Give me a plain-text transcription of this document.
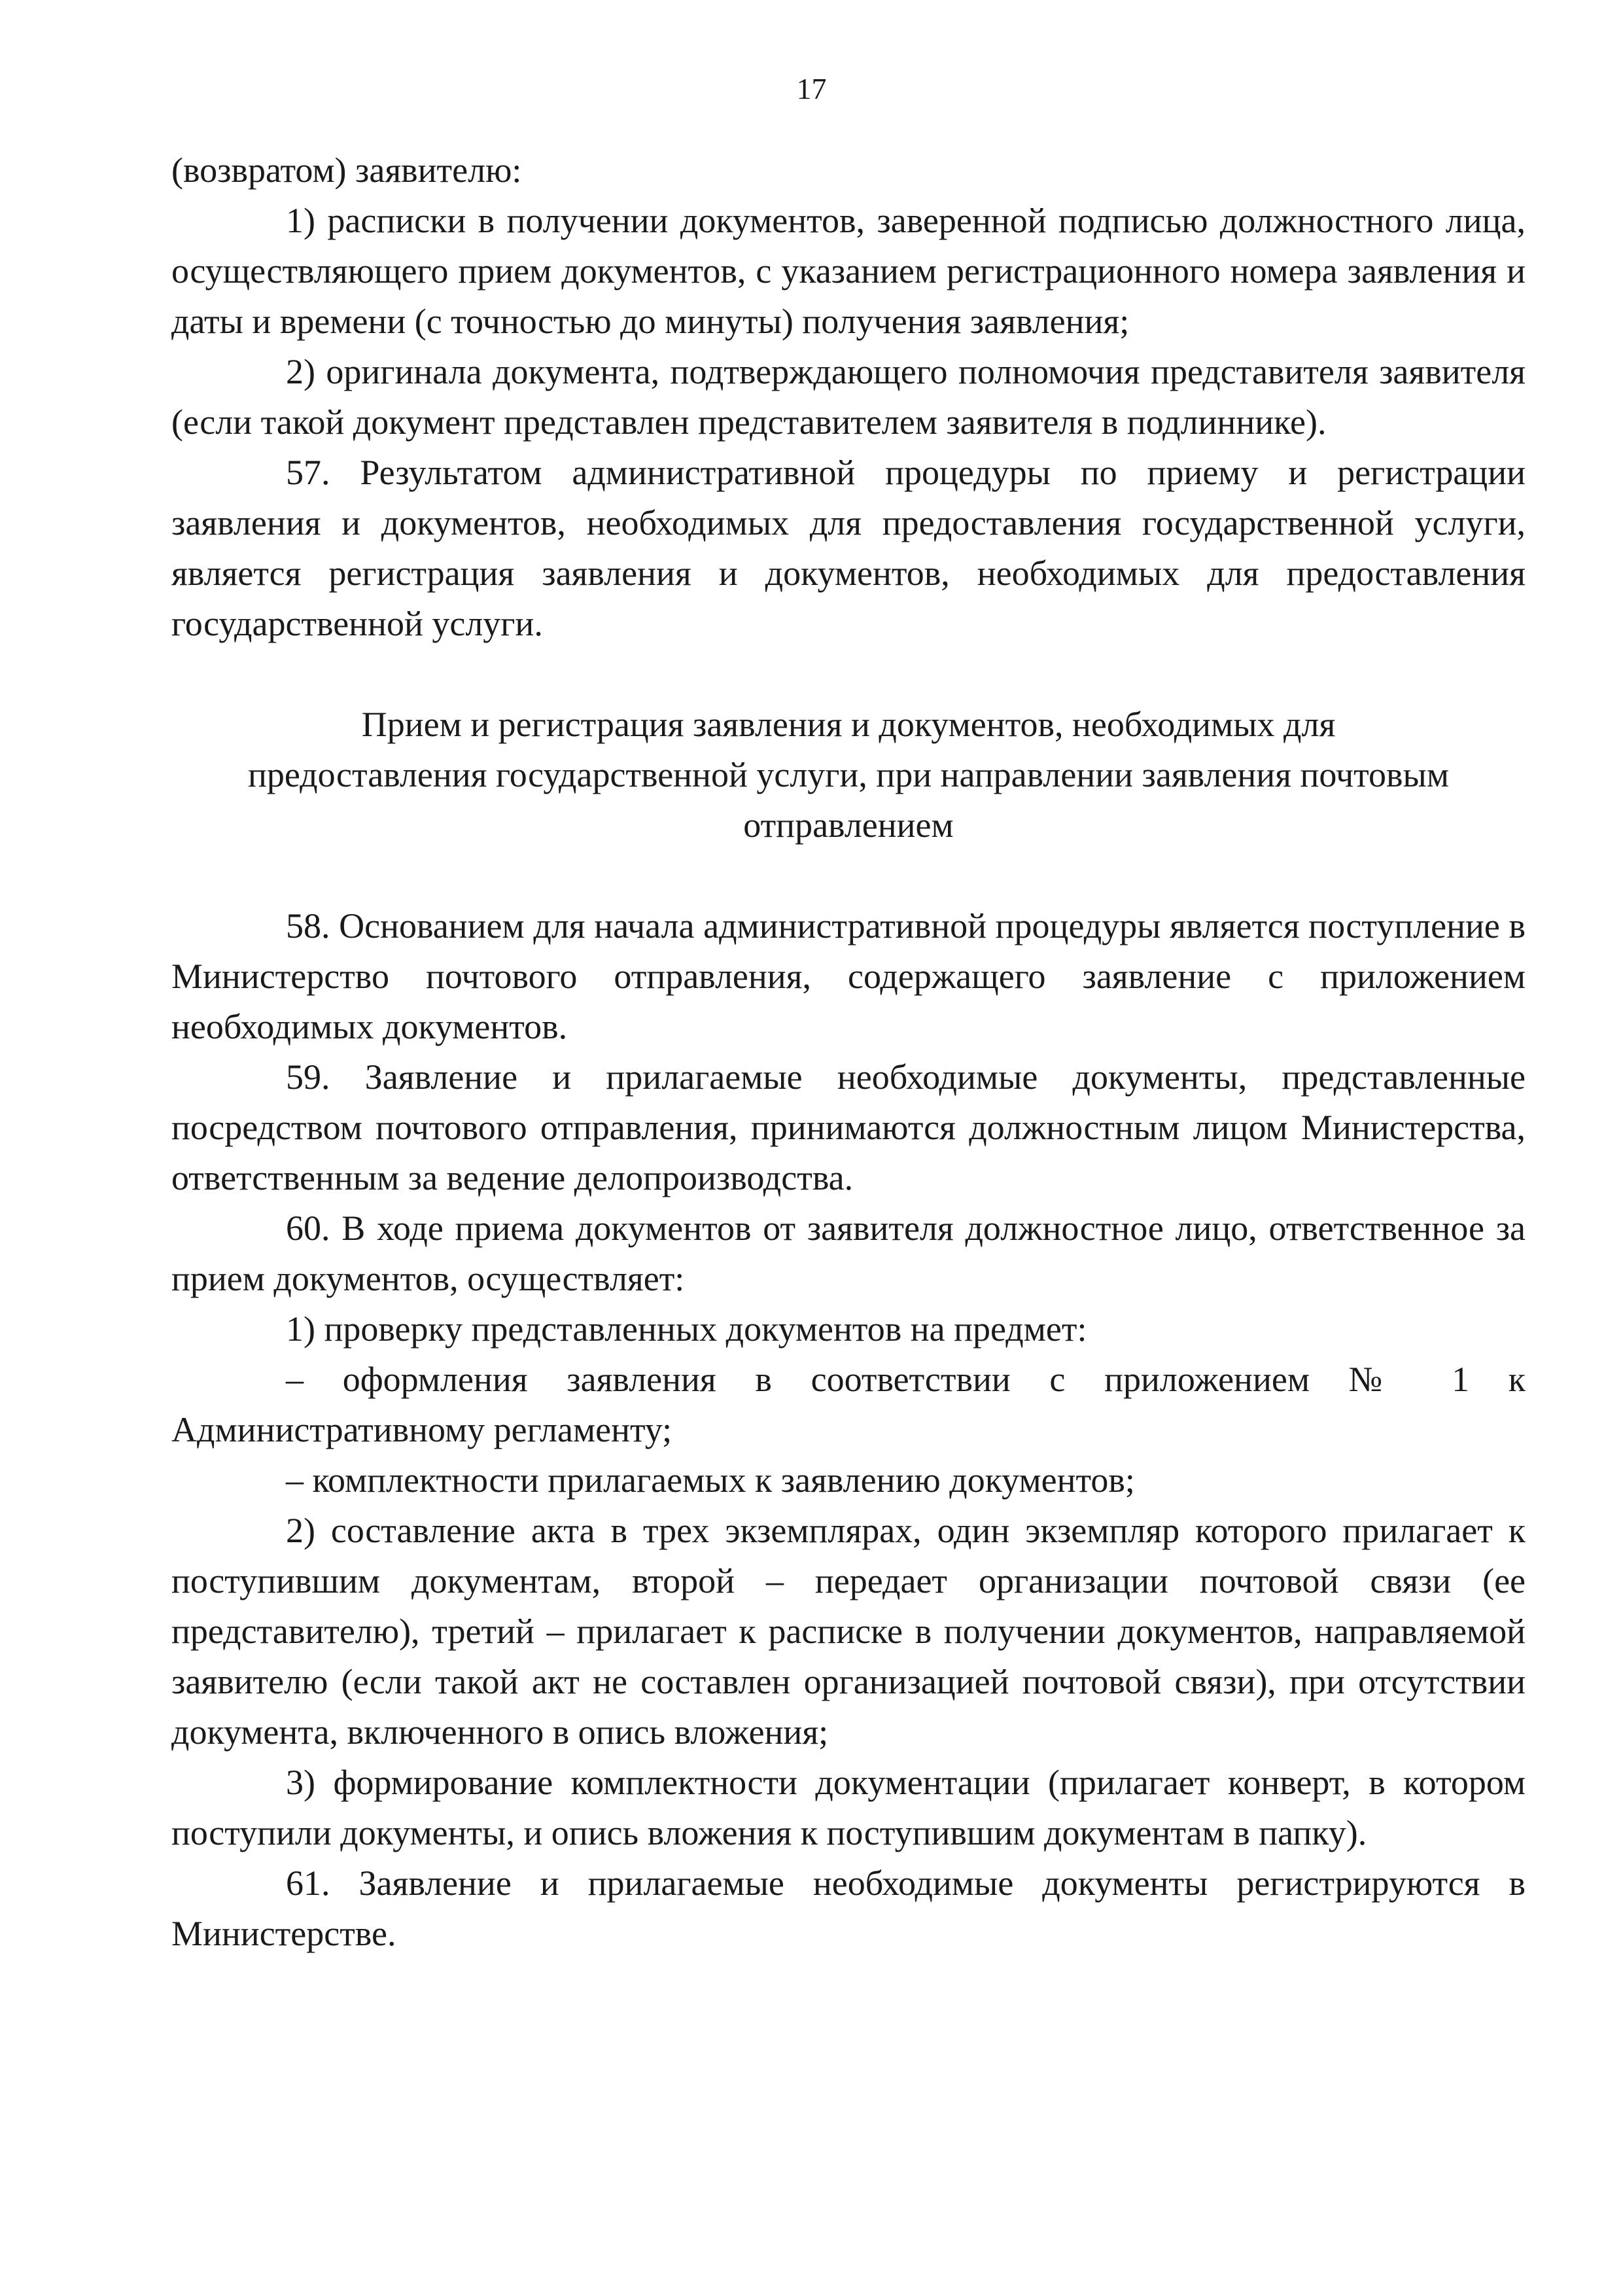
17

(возвратом) заявителю:

1) расписки в получении документов, заверенной подписью должностного лица, осуществляющего прием документов, с указанием регистрационного номера заявления и даты и времени (с точностью до минуты) получения заявления;

2) оригинала документа, подтверждающего полномочия представителя заявителя (если такой документ представлен представителем заявителя в подлиннике).

57. Результатом административной процедуры по приему и регистрации заявления и документов, необходимых для предоставления государственной услуги, является регистрация заявления и документов, необходимых для предоставления государственной услуги.

Прием и регистрация заявления и документов, необходимых для
предоставления государственной услуги, при направлении заявления почтовым
отправлением

58. Основанием для начала административной процедуры является поступление в Министерство почтового отправления, содержащего заявление с приложением необходимых документов.

59. Заявление и прилагаемые необходимые документы, представленные посредством почтового отправления, принимаются должностным лицом Министерства, ответственным за ведение делопроизводства.

60. В ходе приема документов от заявителя должностное лицо, ответственное за прием документов, осуществляет:

1) проверку представленных документов на предмет:

– оформления заявления в соответствии с приложением № 1 к Административному регламенту;

– комплектности прилагаемых к заявлению документов;

2) составление акта в трех экземплярах, один экземпляр которого прилагает к поступившим документам, второй – передает организации почтовой связи (ее представителю), третий – прилагает к расписке в получении документов, направляемой заявителю (если такой акт не составлен организацией почтовой связи), при отсутствии документа, включенного в опись вложения;

3) формирование комплектности документации (прилагает конверт, в котором поступили документы, и опись вложения к поступившим документам в папку).

61. Заявление и прилагаемые необходимые документы регистрируются в Министерстве.
